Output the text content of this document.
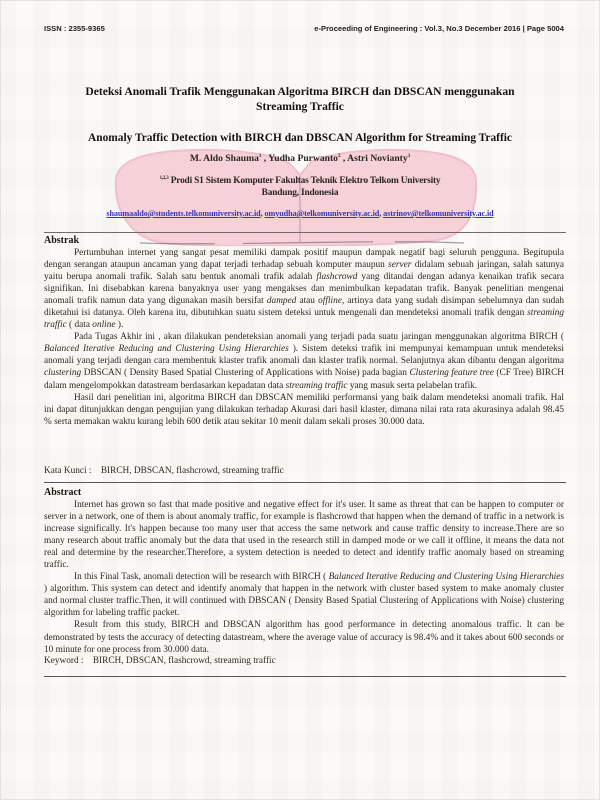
ISSN : 2355-9365	e-Proceeding of Engineering : Vol.3, No.3 December 2016 | Page 5004
Deteksi Anomali Trafik Menggunakan Algoritma BIRCH dan DBSCAN menggunakan Streaming Traffic
Anomaly Traffic Detection with BIRCH dan DBSCAN Algorithm for Streaming Traffic
M. Aldo Shauma$^1$ , Yudha Purwanto$^2$ , Astri Novianty$^3$
$^{1,2,3}$ Prodi S1 Sistem Komputer Fakultas Teknik Elektro Telkom University
Bandung, Indonesia
shaumaaldo@students.telkomuniversity.ac.id, omyudha@telkomuniversity.ac.id, astrinov@telkomuniversity.ac.id
Abstrak

Pertumbuhan internet yang sangat pesat memiliki dampak positif maupun dampak negatif bagi seluruh pengguna. Begitupula dengan serangan ataupun ancaman yang dapat terjadi terhadap sebuah komputer maupun server didalam sebuah jaringan, salah satunya yaitu berupa anomali trafik. Salah satu bentuk anomali trafik adalah flashcrowd yang ditandai dengan adanya kenaikan trafik secara signifikan. Ini disebabkan karena banyaknya user yang mengakses dan menimbulkan kepadatan trafik. Banyak penelitian mengenai anomali trafik namun data yang digunakan masih bersifat damped atau offline, artinya data yang sudah disimpan sebelumnya dan sudah diketahui isi datanya. Oleh karena itu, dibutuhkan suatu sistem deteksi untuk mengenali dan mendeteksi anomali trafik dengan streaming traffic ( data online ).

Pada Tugas Akhir ini , akan dilakukan pendeteksian anomali yang terjadi pada suatu jaringan menggunakan algoritma BIRCH ( Balanced Iterative Reducing and Clustering Using Hierarchies ). Sistem deteksi trafik ini mempunyai kemampuan untuk mendeteksi anomali yang terjadi dengan cara membentuk klaster trafik anomali dan klaster trafik normal. Selanjutnya akan dibantu dengan algoritma clustering DBSCAN ( Density Based Spatial Clustering of Applications with Noise) pada bagian Clustering feature tree (CF Tree) BIRCH dalam mengelompokkan datastream berdasarkan kepadatan data streaming traffic yang masuk serta pelabelan trafik.

Hasil dari penelitian ini, algoritma BIRCH dan DBSCAN memiliki performansi yang baik dalam mendeteksi anomali trafik. Hal ini dapat ditunjukkan dengan pengujian yang dilakukan terhadap Akurasi dari hasil klaster, dimana nilai rata rata akurasinya adalah 98.45 % serta memakan waktu kurang lebih 600 detik atau sekitar 10 menit dalam sekali proses 30.000 data.

Kata Kunci : BIRCH, DBSCAN, flashcrowd, streaming traffic
Abstract

Internet has grown so fast that made positive and negative effect for it's user. It same as threat that can be happen to computer or server in a network, one of them is about anomaly traffic, for example is flashcrowd that happen when the demand of traffic in a network is increase significally. It's happen because too many user that access the same network and cause traffic density to increase.There are so many research about traffic anomaly but the data that used in the research still in damped mode or we call it offline, it means the data not real and determine by the researcher.Therefore, a system detection is needed to detect and identify traffic anomaly based on streaming traffic.

In this Final Task, anomali detection will be research with BIRCH ( Balanced Iterative Reducing and Clustering Using Hierarchies ) algorithm. This system can detect and identify anomaly that happen in the network with cluster based system to make anomaly cluster and normal cluster traffic.Then, it will continued with DBSCAN ( Density Based Spatial Clustering of Applications with Noise) clustering algorithm for labeling traffic packet.

Result from this study, BIRCH and DBSCAN algorithm has good performance in detecting anomalous traffic. It can be demonstrated by tests the accuracy of detecting datastream, where the average value of accuracy is 98.4% and it takes about 600 seconds or 10 minute for one process from 30.000 data.

Keyword : BIRCH, DBSCAN, flashcrowd, streaming traffic
